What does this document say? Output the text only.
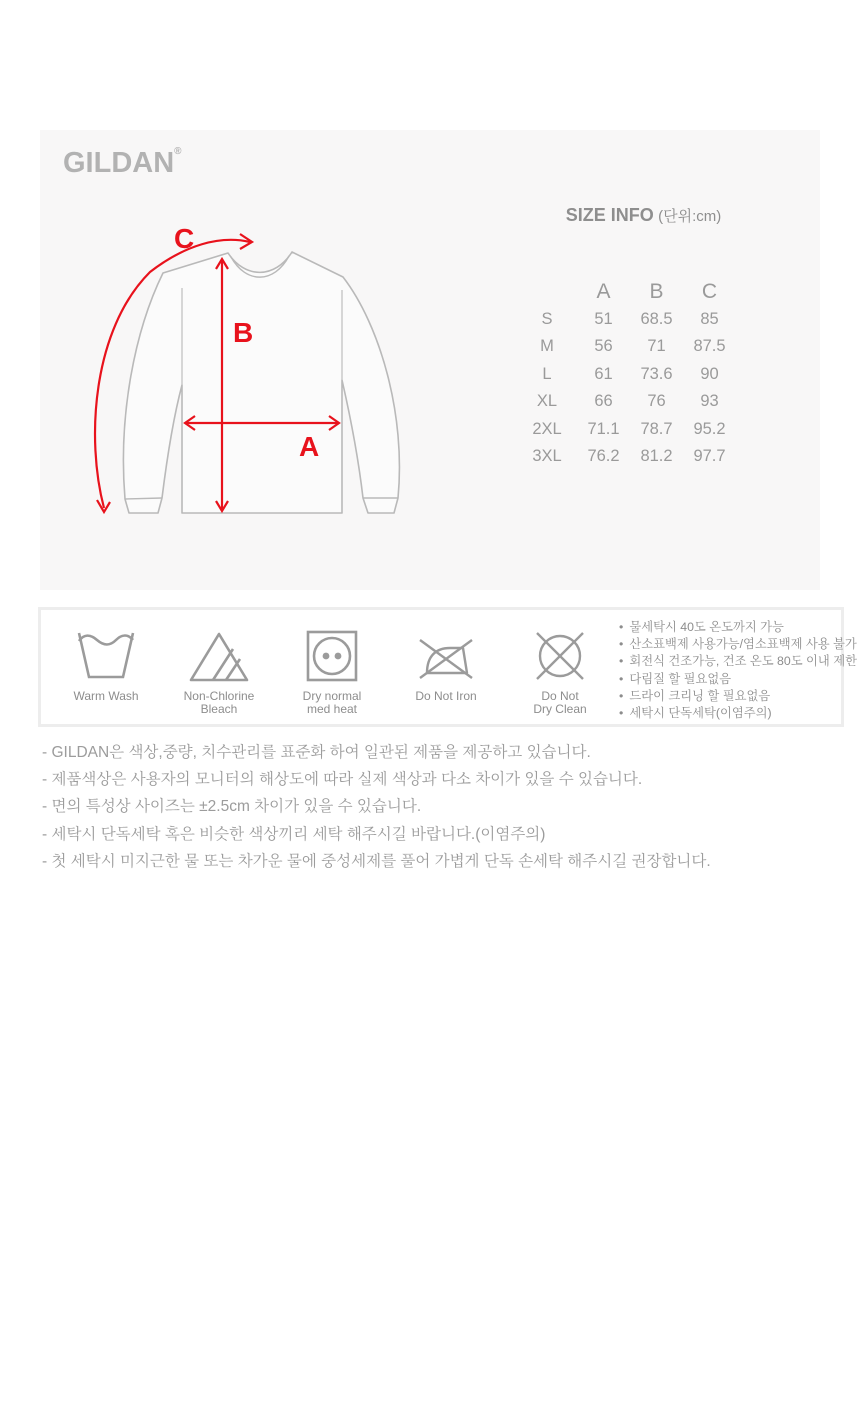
GILDAN®
A
B
C
SIZE INFO (단위:cm)
A	B	C
S	51	68.5	85
M	56	71	87.5
L	61	73.6	90
XL	66	76	93
2XL	71.1	78.7	95.2
3XL	76.2	81.2	97.7
Warm Wash	Non-Chlorine
Bleach
Dry normal
med heat
Do Not Iron	Do Not
Dry Clean
• 물세탁시 40도 온도까지 가능
• 산소표백제 사용가능/염소표백제 사용 불가
• 회전식 건조가능, 건조 온도 80도 이내 제한
• 다림질 할 필요없음
• 드라이 크리닝 할 필요없음
• 세탁시 단독세탁(이염주의)

- GILDAN은 색상,중량, 치수관리를 표준화 하여 일관된 제품을 제공하고 있습니다.

- 제품색상은 사용자의 모니터의 해상도에 따라 실제 색상과 다소 차이가 있을 수 있습니다.

- 면의 특성상 사이즈는 ±2.5cm 차이가 있을 수 있습니다.

- 세탁시 단독세탁 혹은 비슷한 색상끼리 세탁 해주시길 바랍니다.(이염주의)

- 첫 세탁시 미지근한 물 또는 차가운 물에 중성세제를 풀어 가볍게 단독 손세탁 해주시길 권장합니다.
